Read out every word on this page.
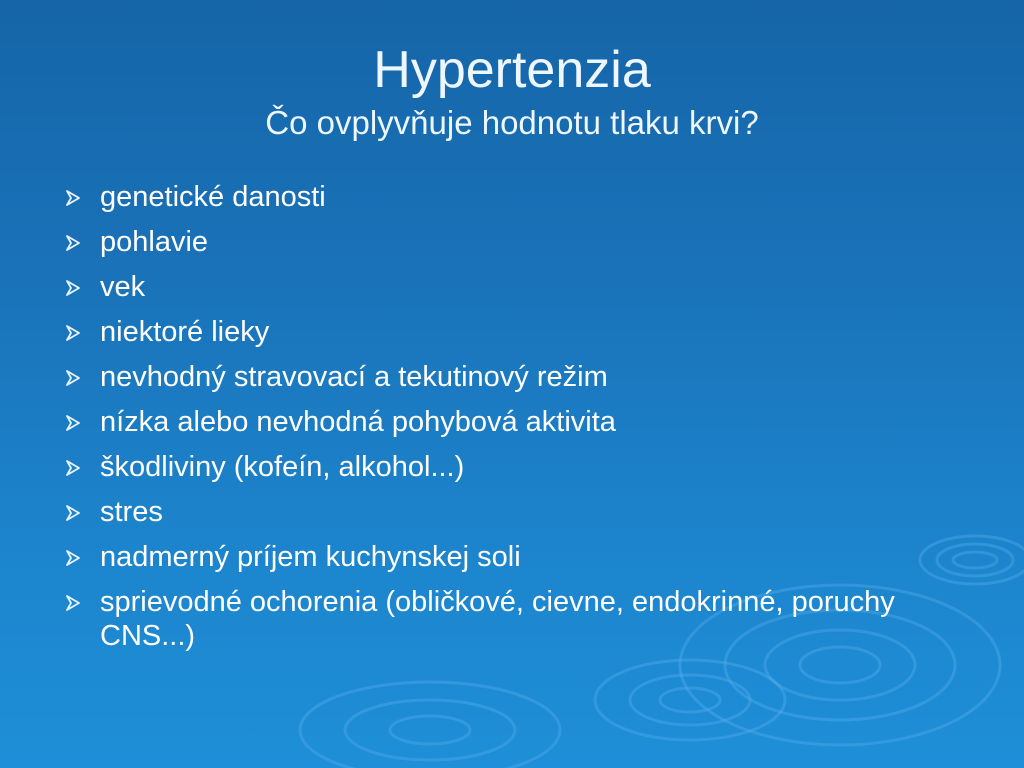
Hypertenzia
Čo ovplyvňuje hodnotu tlaku krvi?
genetické danosti
pohlavie
vek
niektoré lieky
nevhodný stravovací a tekutinový režim
nízka alebo nevhodná pohybová aktivita
škodliviny (kofeín, alkohol...)
stres
nadmerný príjem kuchynskej soli
sprievodné ochorenia (obličkové, cievne, endokrinné, poruchy CNS...)
